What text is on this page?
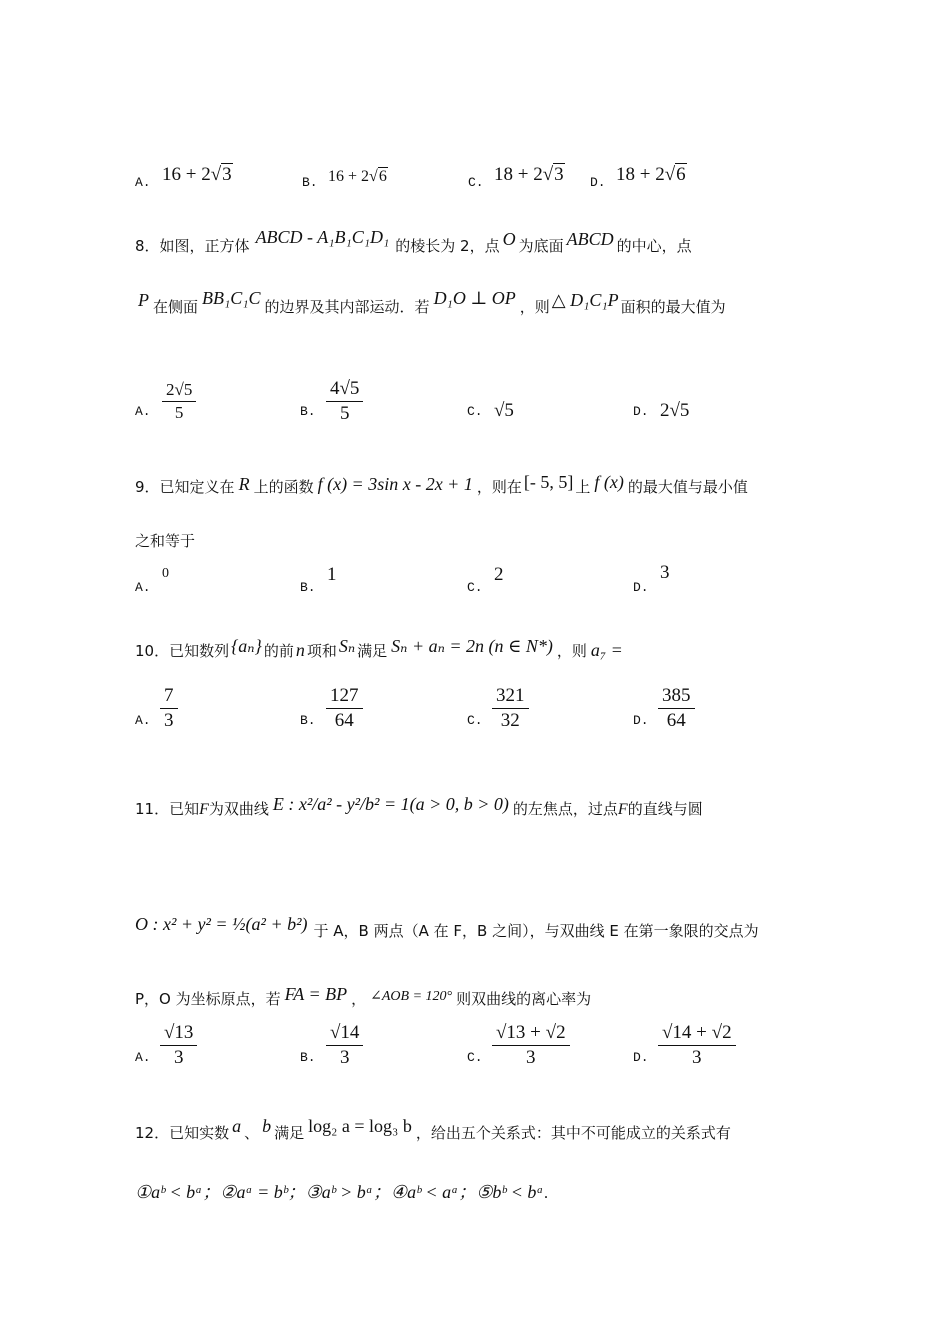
A. 16 + 2√3	B. 16 + 2√6	C. 18 + 2√3 D. 18 + 2√6
8．如图，正方体 ABCD - A₁B₁C₁D₁ 的棱长为 2，点 O 为底面 ABCD 的中心，点
P 在侧面 BB₁C₁C 的边界及其内部运动．若 D₁O ⊥ OP ，则 △ D₁C₁P 面积的最大值为
A. $\frac{2√5}{5}$	B. $\frac{4√5}{5}$	C. √5	D. 2√5
9．已知定义在 R 上的函数 f (x) = 3sin x - 2x + 1 ，则在 [- 5, 5] 上 f (x) 的最大值与最小值
之和等于
A.
0
B.
1
C.
2
D.
3
10．已知数列 {aₙ} 的前 n 项和 Sₙ 满足 Sₙ + aₙ = 2n (n ∈ N*) ，则 a₇ =
A. $\frac{7}{3}$	B. $\frac{127}{64}$	C. $\frac{321}{32}$	D. $\frac{385}{64}$
11．已知F为双曲线 E : x²/a² - y²/b² = 1(a > 0, b > 0) 的左焦点，过点F的直线与圆
O : x² + y² = ½(a² + b²) 于 A，B 两点（A 在 F，B 之间），与双曲线 E 在第一象限的交点为
P，O 为坐标原点，若 FA = BP ， ∠AOB = 120° 则双曲线的离心率为
A. $\frac{√13}{3}$	B. $\frac{√14}{3}$	C. $\frac{√13 + √2}{3}$	D. $\frac{√14 + √2}{3}$
12．已知实数 a 、 b 满足 log₂ a = log₃ b ，给出五个关系式：其中不可能成立的关系式有
①aᵇ < bᵃ；②aᵃ = bᵇ；③aᵇ > bᵃ；④aᵇ < aᵃ；⑤bᵇ < bᵃ.
